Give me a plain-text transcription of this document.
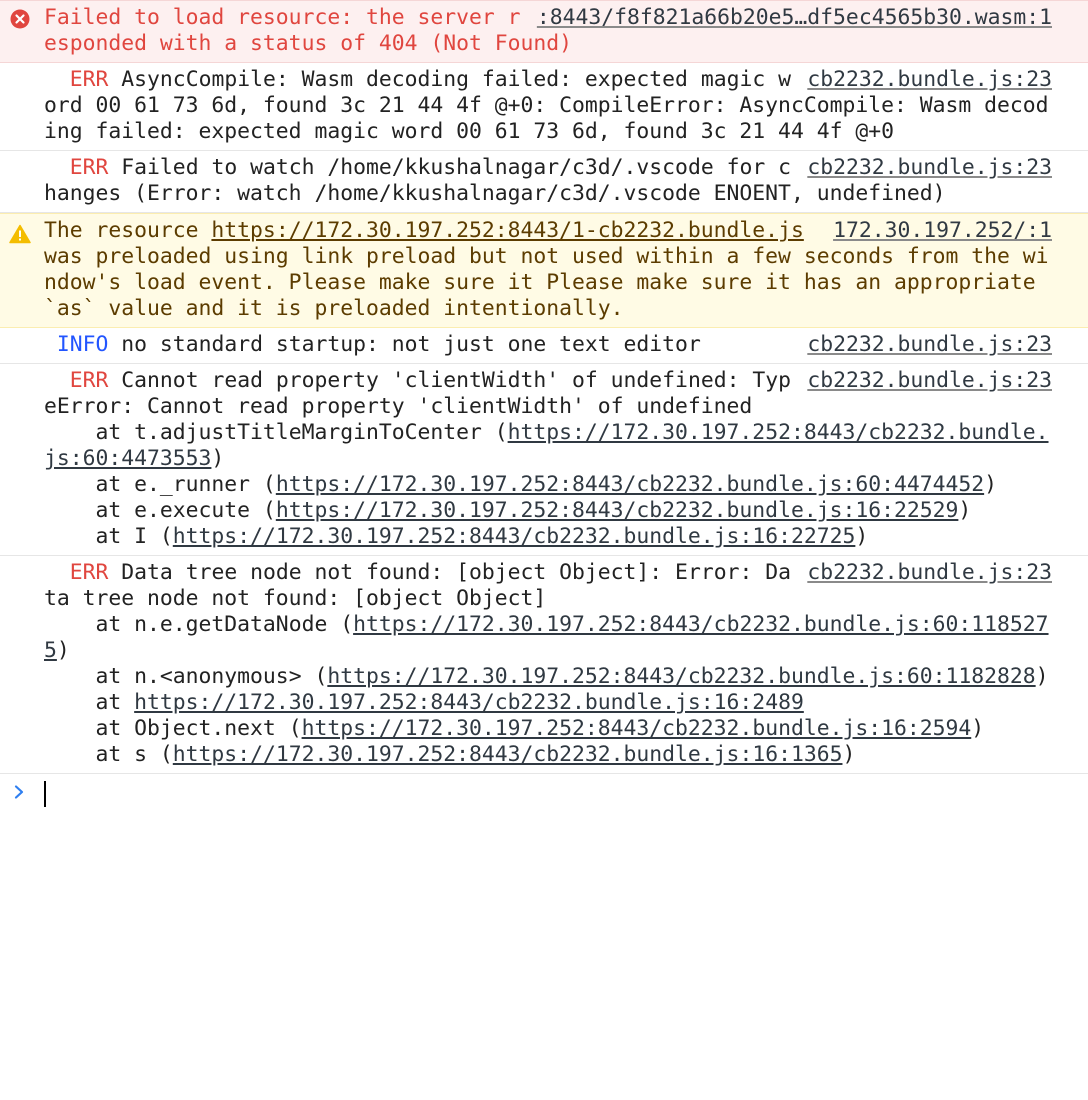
:8443/f8f821a66b20e5…df5ec4565b30.wasm:1
Failed to load resource: the server responded with a status of 404 (Not Found)
cb2232.bundle.js:23
ERR AsyncCompile: Wasm decoding failed: expected magic word 00 61 73 6d, found 3c 21 44 4f @+0: CompileError: AsyncCompile: Wasm decoding failed: expected magic word 00 61 73 6d, found 3c 21 44 4f @+0
cb2232.bundle.js:23
ERR Failed to watch /home/kkushalnagar/c3d/.vscode for changes (Error: watch /home/kkushalnagar/c3d/.vscode ENOENT, undefined)
172.30.197.252/:1
The resource https://172.30.197.252:8443/1-cb2232.bundle.js was preloaded using link preload but not used within a few seconds from the window's load event. Please make sure it Please make sure it has an appropriate `as` value and it is preloaded intentionally.
cb2232.bundle.js:23
INFO no standard startup: not just one text editor
cb2232.bundle.js:23
ERR Cannot read property 'clientWidth' of undefined: TypeError: Cannot read property 'clientWidth' of undefined
at t.adjustTitleMarginToCenter (https://172.30.197.252:8443/cb2232.bundle.js:60:4473553)
at e._runner (https://172.30.197.252:8443/cb2232.bundle.js:60:4474452)
at e.execute (https://172.30.197.252:8443/cb2232.bundle.js:16:22529)
at I (https://172.30.197.252:8443/cb2232.bundle.js:16:22725)
cb2232.bundle.js:23
ERR Data tree node not found: [object Object]: Error: Data tree node not found: [object Object]
at n.e.getDataNode (https://172.30.197.252:8443/cb2232.bundle.js:60:1185275)
at n.<anonymous> (https://172.30.197.252:8443/cb2232.bundle.js:60:1182828)
at https://172.30.197.252:8443/cb2232.bundle.js:16:2489
at Object.next (https://172.30.197.252:8443/cb2232.bundle.js:16:2594)
at s (https://172.30.197.252:8443/cb2232.bundle.js:16:1365)
